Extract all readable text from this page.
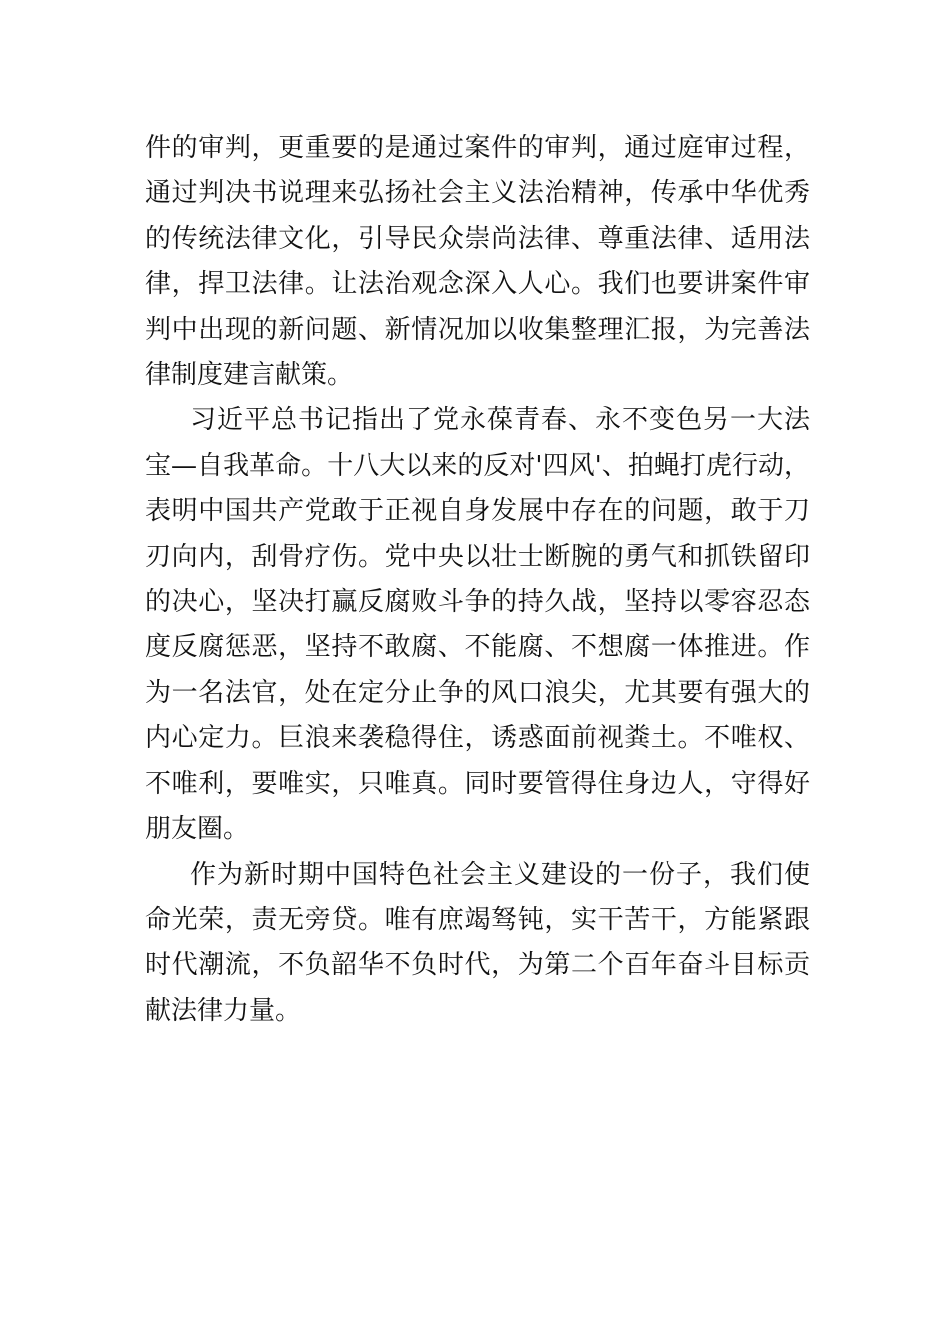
件的审判，更重要的是通过案件的审判，通过庭审过程，通过判决书说理来弘扬社会主义法治精神，传承中华优秀的传统法律文化，引导民众崇尚法律、尊重法律、适用法律，捍卫法律。让法治观念深入人心。我们也要讲案件审判中出现的新问题、新情况加以收集整理汇报，为完善法律制度建言献策。

习近平总书记指出了党永葆青春、永不变色另一大法宝—自我革命。十八大以来的反对'四风'、拍蝇打虎行动，表明中国共产党敢于正视自身发展中存在的问题，敢于刀刃向内，刮骨疗伤。党中央以壮士断腕的勇气和抓铁留印的决心，坚决打赢反腐败斗争的持久战，坚持以零容忍态度反腐惩恶，坚持不敢腐、不能腐、不想腐一体推进。作为一名法官，处在定分止争的风口浪尖，尤其要有强大的内心定力。巨浪来袭稳得住，诱惑面前视粪土。不唯权、不唯利，要唯实，只唯真。同时要管得住身边人，守得好朋友圈。

作为新时期中国特色社会主义建设的一份子，我们使命光荣，责无旁贷。唯有庶竭驽钝，实干苦干，方能紧跟时代潮流，不负韶华不负时代，为第二个百年奋斗目标贡献法律力量。
